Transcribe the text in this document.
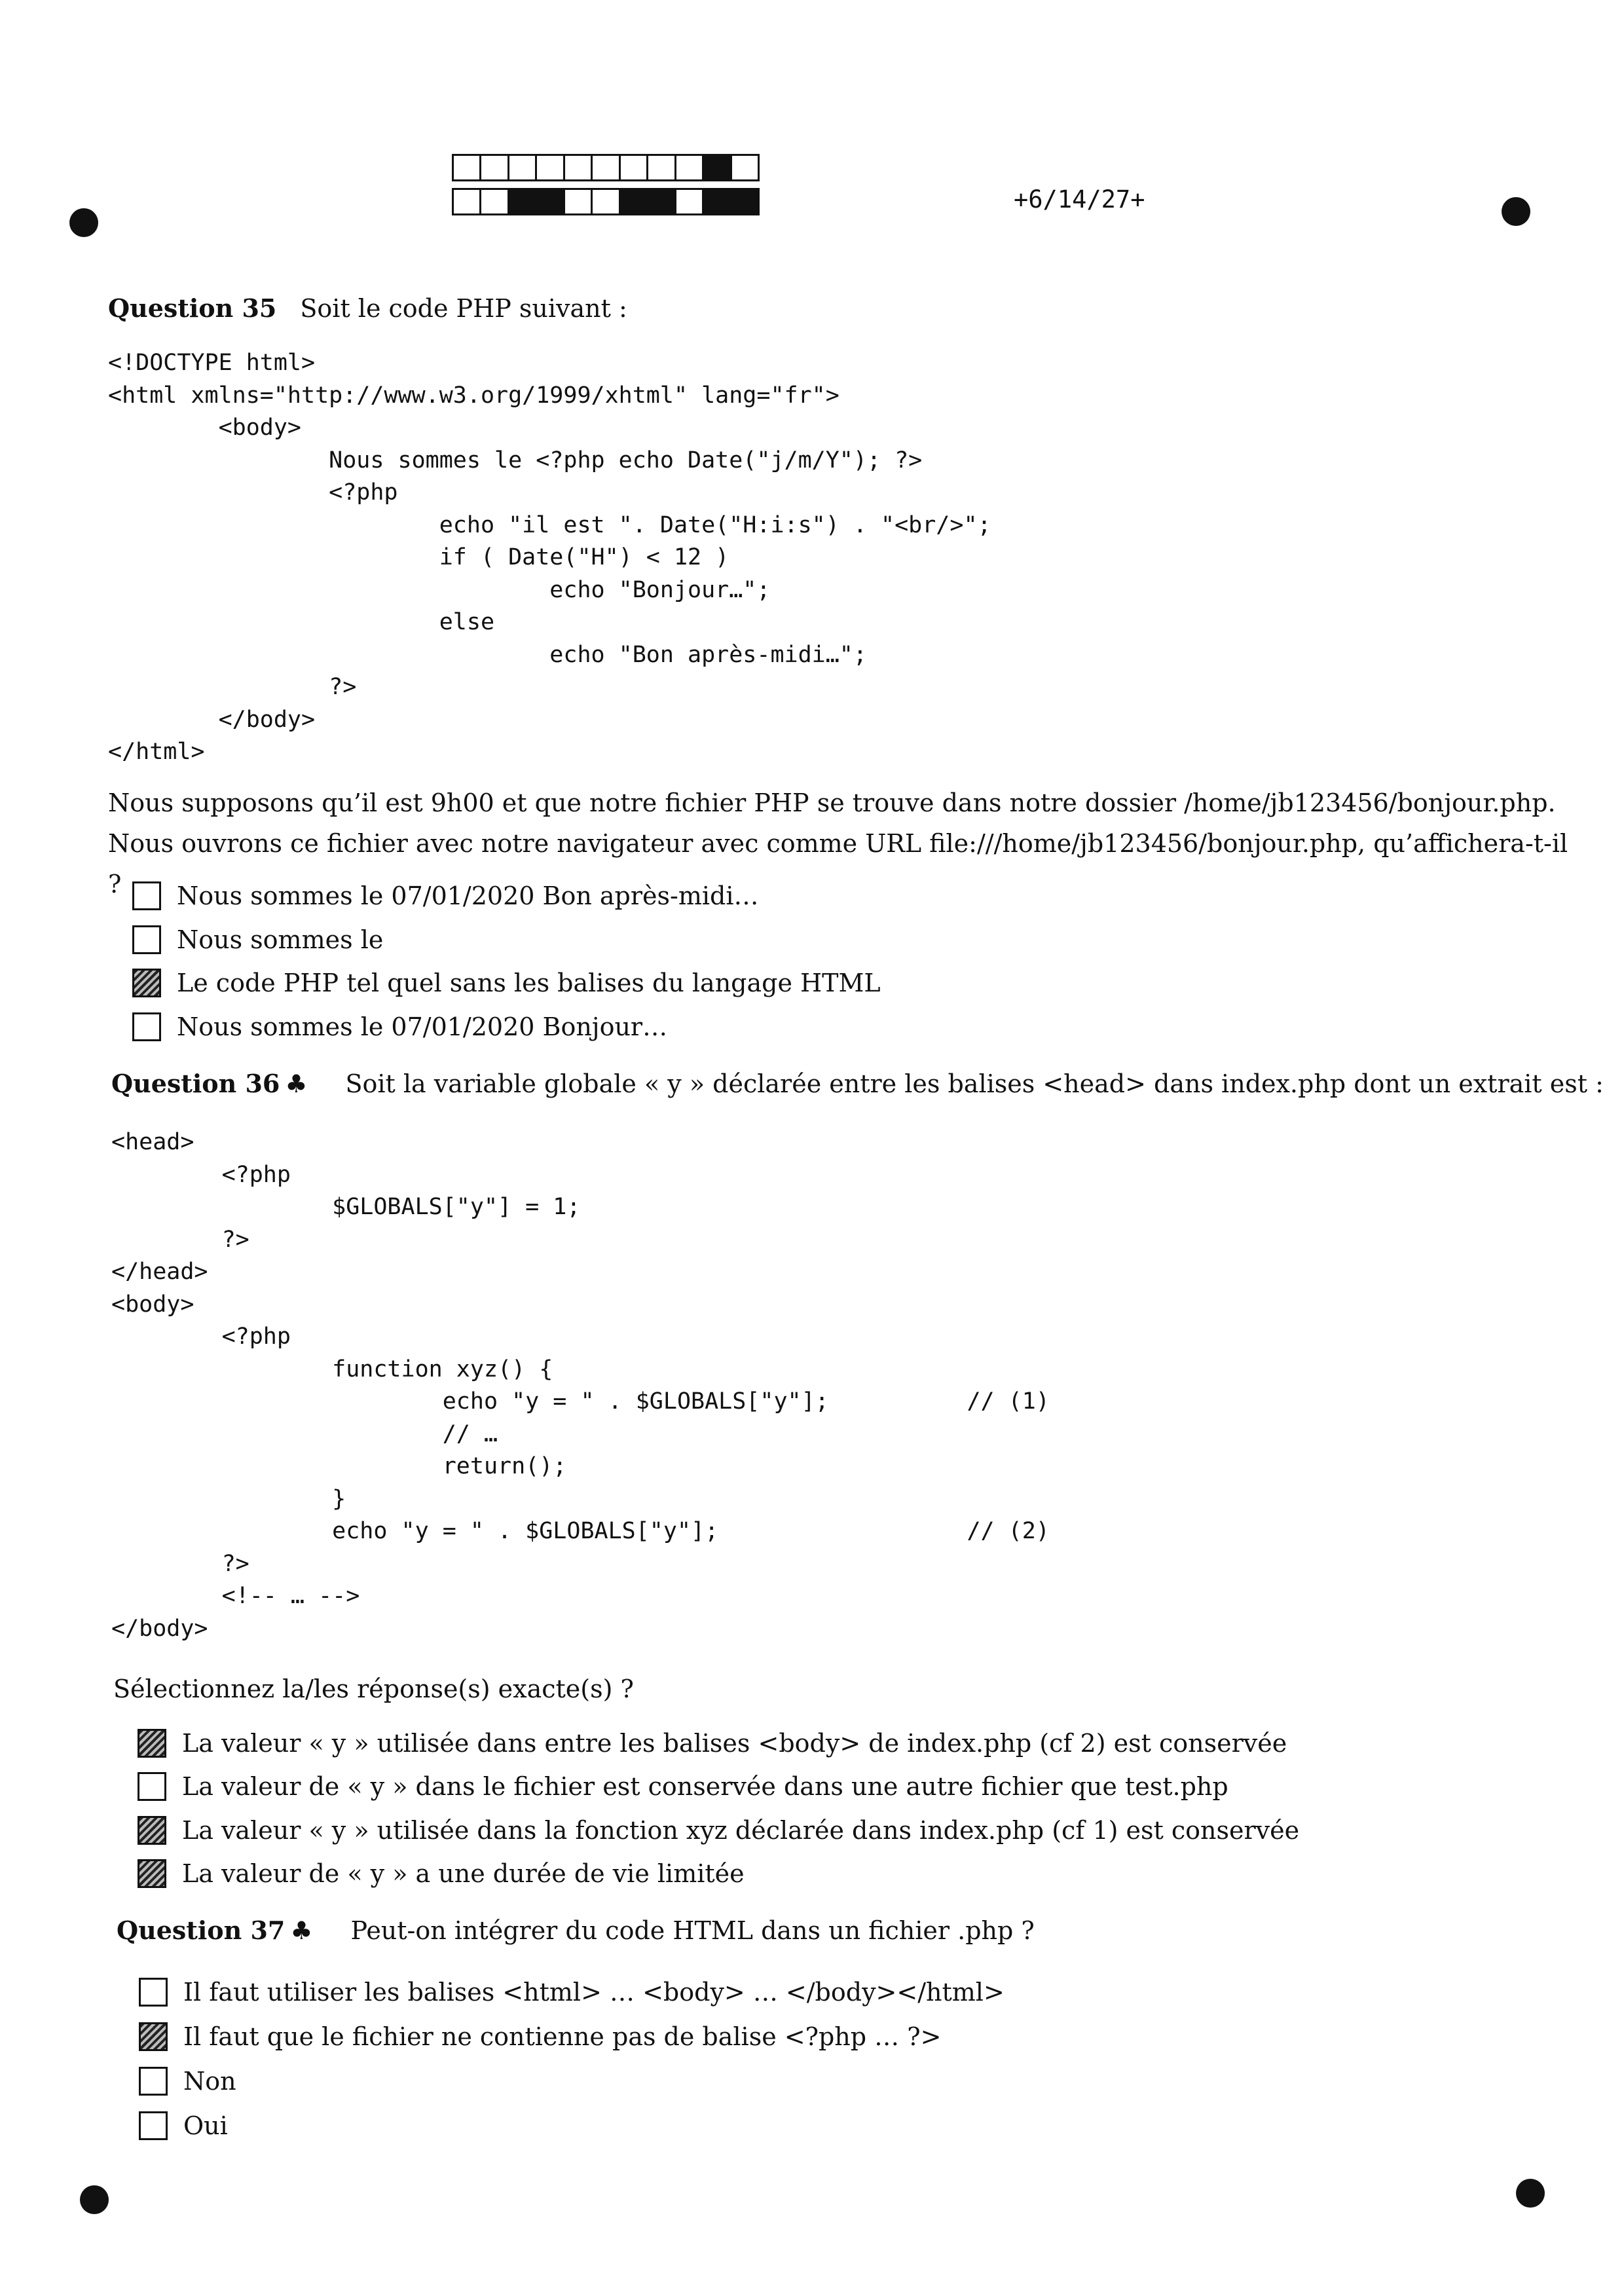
+6/14/27+
Question 35 Soit le code PHP suivant :
<!DOCTYPE html>
<html xmlns="http://www.w3.org/1999/xhtml" lang="fr">
<body>
Nous sommes le <?php echo Date("j/m/Y"); ?>
<?php
echo "il est ". Date("H:i:s") . "<br/>";
if ( Date("H") < 12 )
echo "Bonjour…";
else
echo "Bon après-midi…";
?>
</body>
</html>
Nous supposons qu’il est 9h00 et que notre fichier PHP se trouve dans notre dossier /home/jb123456/bonjour.php. Nous ouvrons ce fichier avec notre navigateur avec comme URL file:///home/jb123456/bonjour.php, qu’affichera-t-il ?	Nous sommes le 07/01/2020 Bon après-midi…
Nous sommes le
Le code PHP tel quel sans les balises du langage HTML
Nous sommes le 07/01/2020 Bonjour…
Question 36 ♣ Soit la variable globale « y » déclarée entre les balises <head> dans index.php dont un extrait est :
<head>
<?php
$GLOBALS["y"] = 1;
?>
</head>
<body>
<?php
function xyz() {
echo "y = " . $GLOBALS["y"];          // (1)
// …
return();
}
echo "y = " . $GLOBALS["y"];                  // (2)
?>
<!-- … -->
</body>
Sélectionnez la/les réponse(s) exacte(s) ?
La valeur « y » utilisée dans entre les balises <body> de index.php (cf 2) est conservée
La valeur de « y » dans le fichier est conservée dans une autre fichier que test.php
La valeur « y » utilisée dans la fonction xyz déclarée dans index.php (cf 1) est conservée
La valeur de « y » a une durée de vie limitée
Question 37 ♣ Peut-on intégrer du code HTML dans un fichier .php ?
Il faut utiliser les balises <html> … <body> … </body></html>
Il faut que le fichier ne contienne pas de balise <?php … ?>
Non
Oui
